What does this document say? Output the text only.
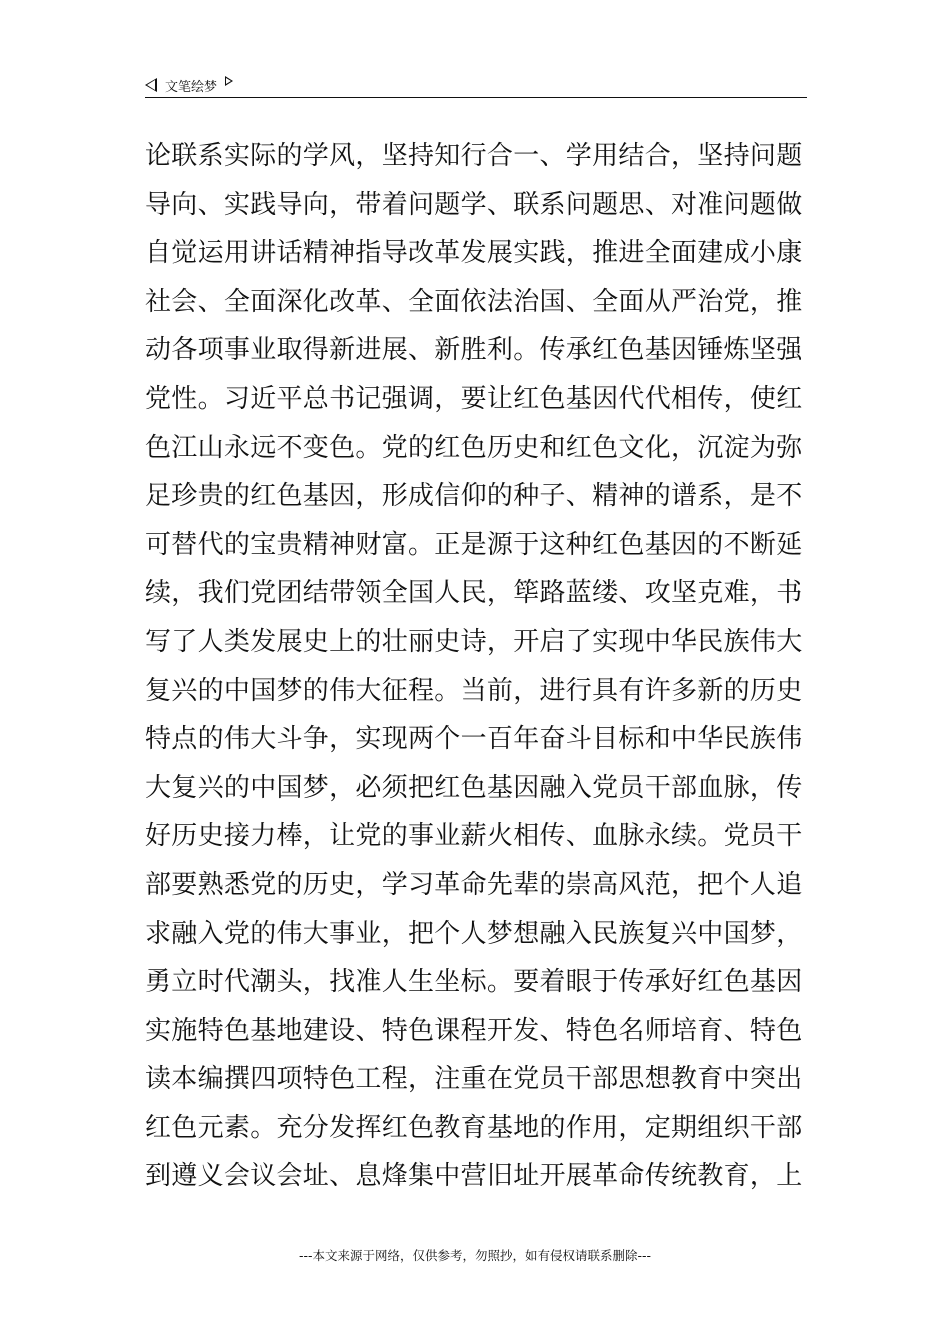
文笔绘梦
论联系实际的学风，坚持知行合一、学用结合，坚持问题
导向、实践导向，带着问题学、联系问题思、对准问题做
自觉运用讲话精神指导改革发展实践，推进全面建成小康
社会、全面深化改革、全面依法治国、全面从严治党，推
动各项事业取得新进展、新胜利。传承红色基因锤炼坚强
党性。习近平总书记强调，要让红色基因代代相传，使红
色江山永远不变色。党的红色历史和红色文化，沉淀为弥
足珍贵的红色基因，形成信仰的种子、精神的谱系，是不
可替代的宝贵精神财富。正是源于这种红色基因的不断延
续，我们党团结带领全国人民，筚路蓝缕、攻坚克难，书
写了人类发展史上的壮丽史诗，开启了实现中华民族伟大
复兴的中国梦的伟大征程。当前，进行具有许多新的历史
特点的伟大斗争，实现两个一百年奋斗目标和中华民族伟
大复兴的中国梦，必须把红色基因融入党员干部血脉，传
好历史接力棒，让党的事业薪火相传、血脉永续。党员干
部要熟悉党的历史，学习革命先辈的崇高风范，把个人追
求融入党的伟大事业，把个人梦想融入民族复兴中国梦，
勇立时代潮头，找准人生坐标。要着眼于传承好红色基因
实施特色基地建设、特色课程开发、特色名师培育、特色
读本编撰四项特色工程，注重在党员干部思想教育中突出
红色元素。充分发挥红色教育基地的作用，定期组织干部
到遵义会议会址、息烽集中营旧址开展革命传统教育，上
---本文来源于网络，仅供参考，勿照抄，如有侵权请联系删除---
